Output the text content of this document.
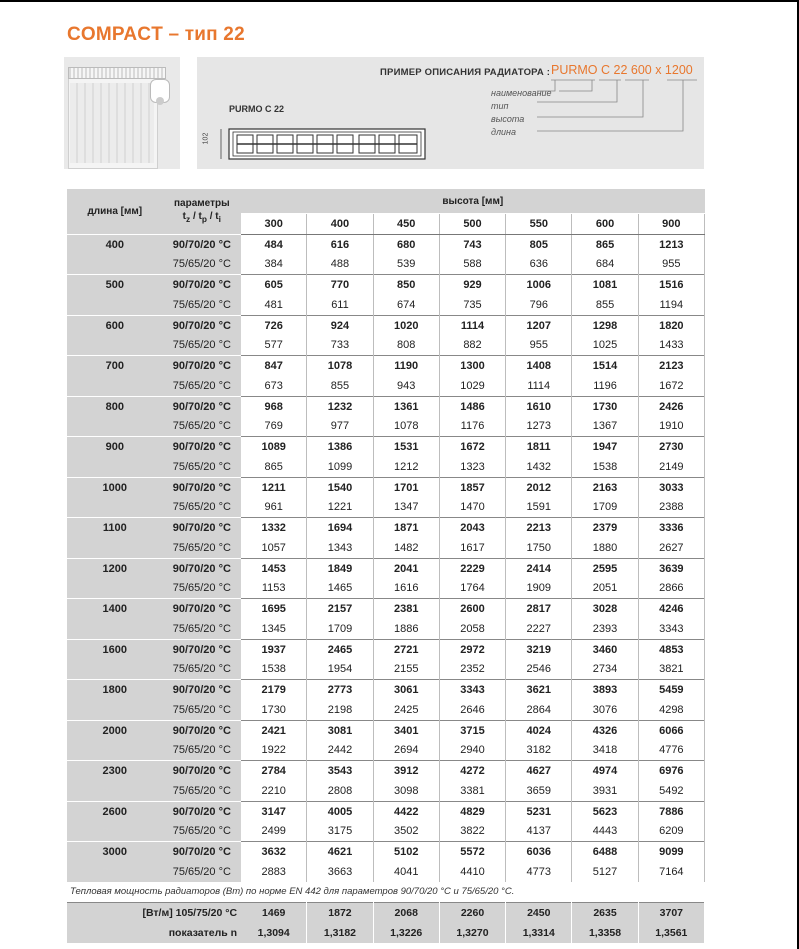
COMPACT – тип 22
ПРИМЕР ОПИСАНИЯ РАДИАТОРА : PURMO C 22 600 x 1200
наименование
тип
высота
длина
PURMO C 22
102
длина [мм]	параметры
$t_z / t_p / t_i$	высота [мм]						
		300	400	450	500	550	600	900
400	90/70/20 °C	484	616	680	743	805	865	1213
	75/65/20 °C	384	488	539	588	636	684	955
500	90/70/20 °C	605	770	850	929	1006	1081	1516
	75/65/20 °C	481	611	674	735	796	855	1194
600	90/70/20 °C	726	924	1020	1114	1207	1298	1820
	75/65/20 °C	577	733	808	882	955	1025	1433
700	90/70/20 °C	847	1078	1190	1300	1408	1514	2123
	75/65/20 °C	673	855	943	1029	1114	1196	1672
800	90/70/20 °C	968	1232	1361	1486	1610	1730	2426
	75/65/20 °C	769	977	1078	1176	1273	1367	1910
900	90/70/20 °C	1089	1386	1531	1672	1811	1947	2730
	75/65/20 °C	865	1099	1212	1323	1432	1538	2149
1000	90/70/20 °C	1211	1540	1701	1857	2012	2163	3033
	75/65/20 °C	961	1221	1347	1470	1591	1709	2388
1100	90/70/20 °C	1332	1694	1871	2043	2213	2379	3336
	75/65/20 °C	1057	1343	1482	1617	1750	1880	2627
1200	90/70/20 °C	1453	1849	2041	2229	2414	2595	3639
	75/65/20 °C	1153	1465	1616	1764	1909	2051	2866
1400	90/70/20 °C	1695	2157	2381	2600	2817	3028	4246
	75/65/20 °C	1345	1709	1886	2058	2227	2393	3343
1600	90/70/20 °C	1937	2465	2721	2972	3219	3460	4853
	75/65/20 °C	1538	1954	2155	2352	2546	2734	3821
1800	90/70/20 °C	2179	2773	3061	3343	3621	3893	5459
	75/65/20 °C	1730	2198	2425	2646	2864	3076	4298
2000	90/70/20 °C	2421	3081	3401	3715	4024	4326	6066
	75/65/20 °C	1922	2442	2694	2940	3182	3418	4776
2300	90/70/20 °C	2784	3543	3912	4272	4627	4974	6976
	75/65/20 °C	2210	2808	3098	3381	3659	3931	5492
2600	90/70/20 °C	3147	4005	4422	4829	5231	5623	7886
	75/65/20 °C	2499	3175	3502	3822	4137	4443	6209
3000	90/70/20 °C	3632	4621	5102	5572	6036	6488	9099
	75/65/20 °C	2883	3663	4041	4410	4773	5127	7164
Тепловая мощность радиаторов (Вт) по норме EN 442 для параметров 90/70/20 °C и 75/65/20 °C.								
[Вт/м] 105/75/20 °C		1469	1872	2068	2260	2450	2635	3707
показатель n		1,3094	1,3182	1,3226	1,3270	1,3314	1,3358	1,3561
